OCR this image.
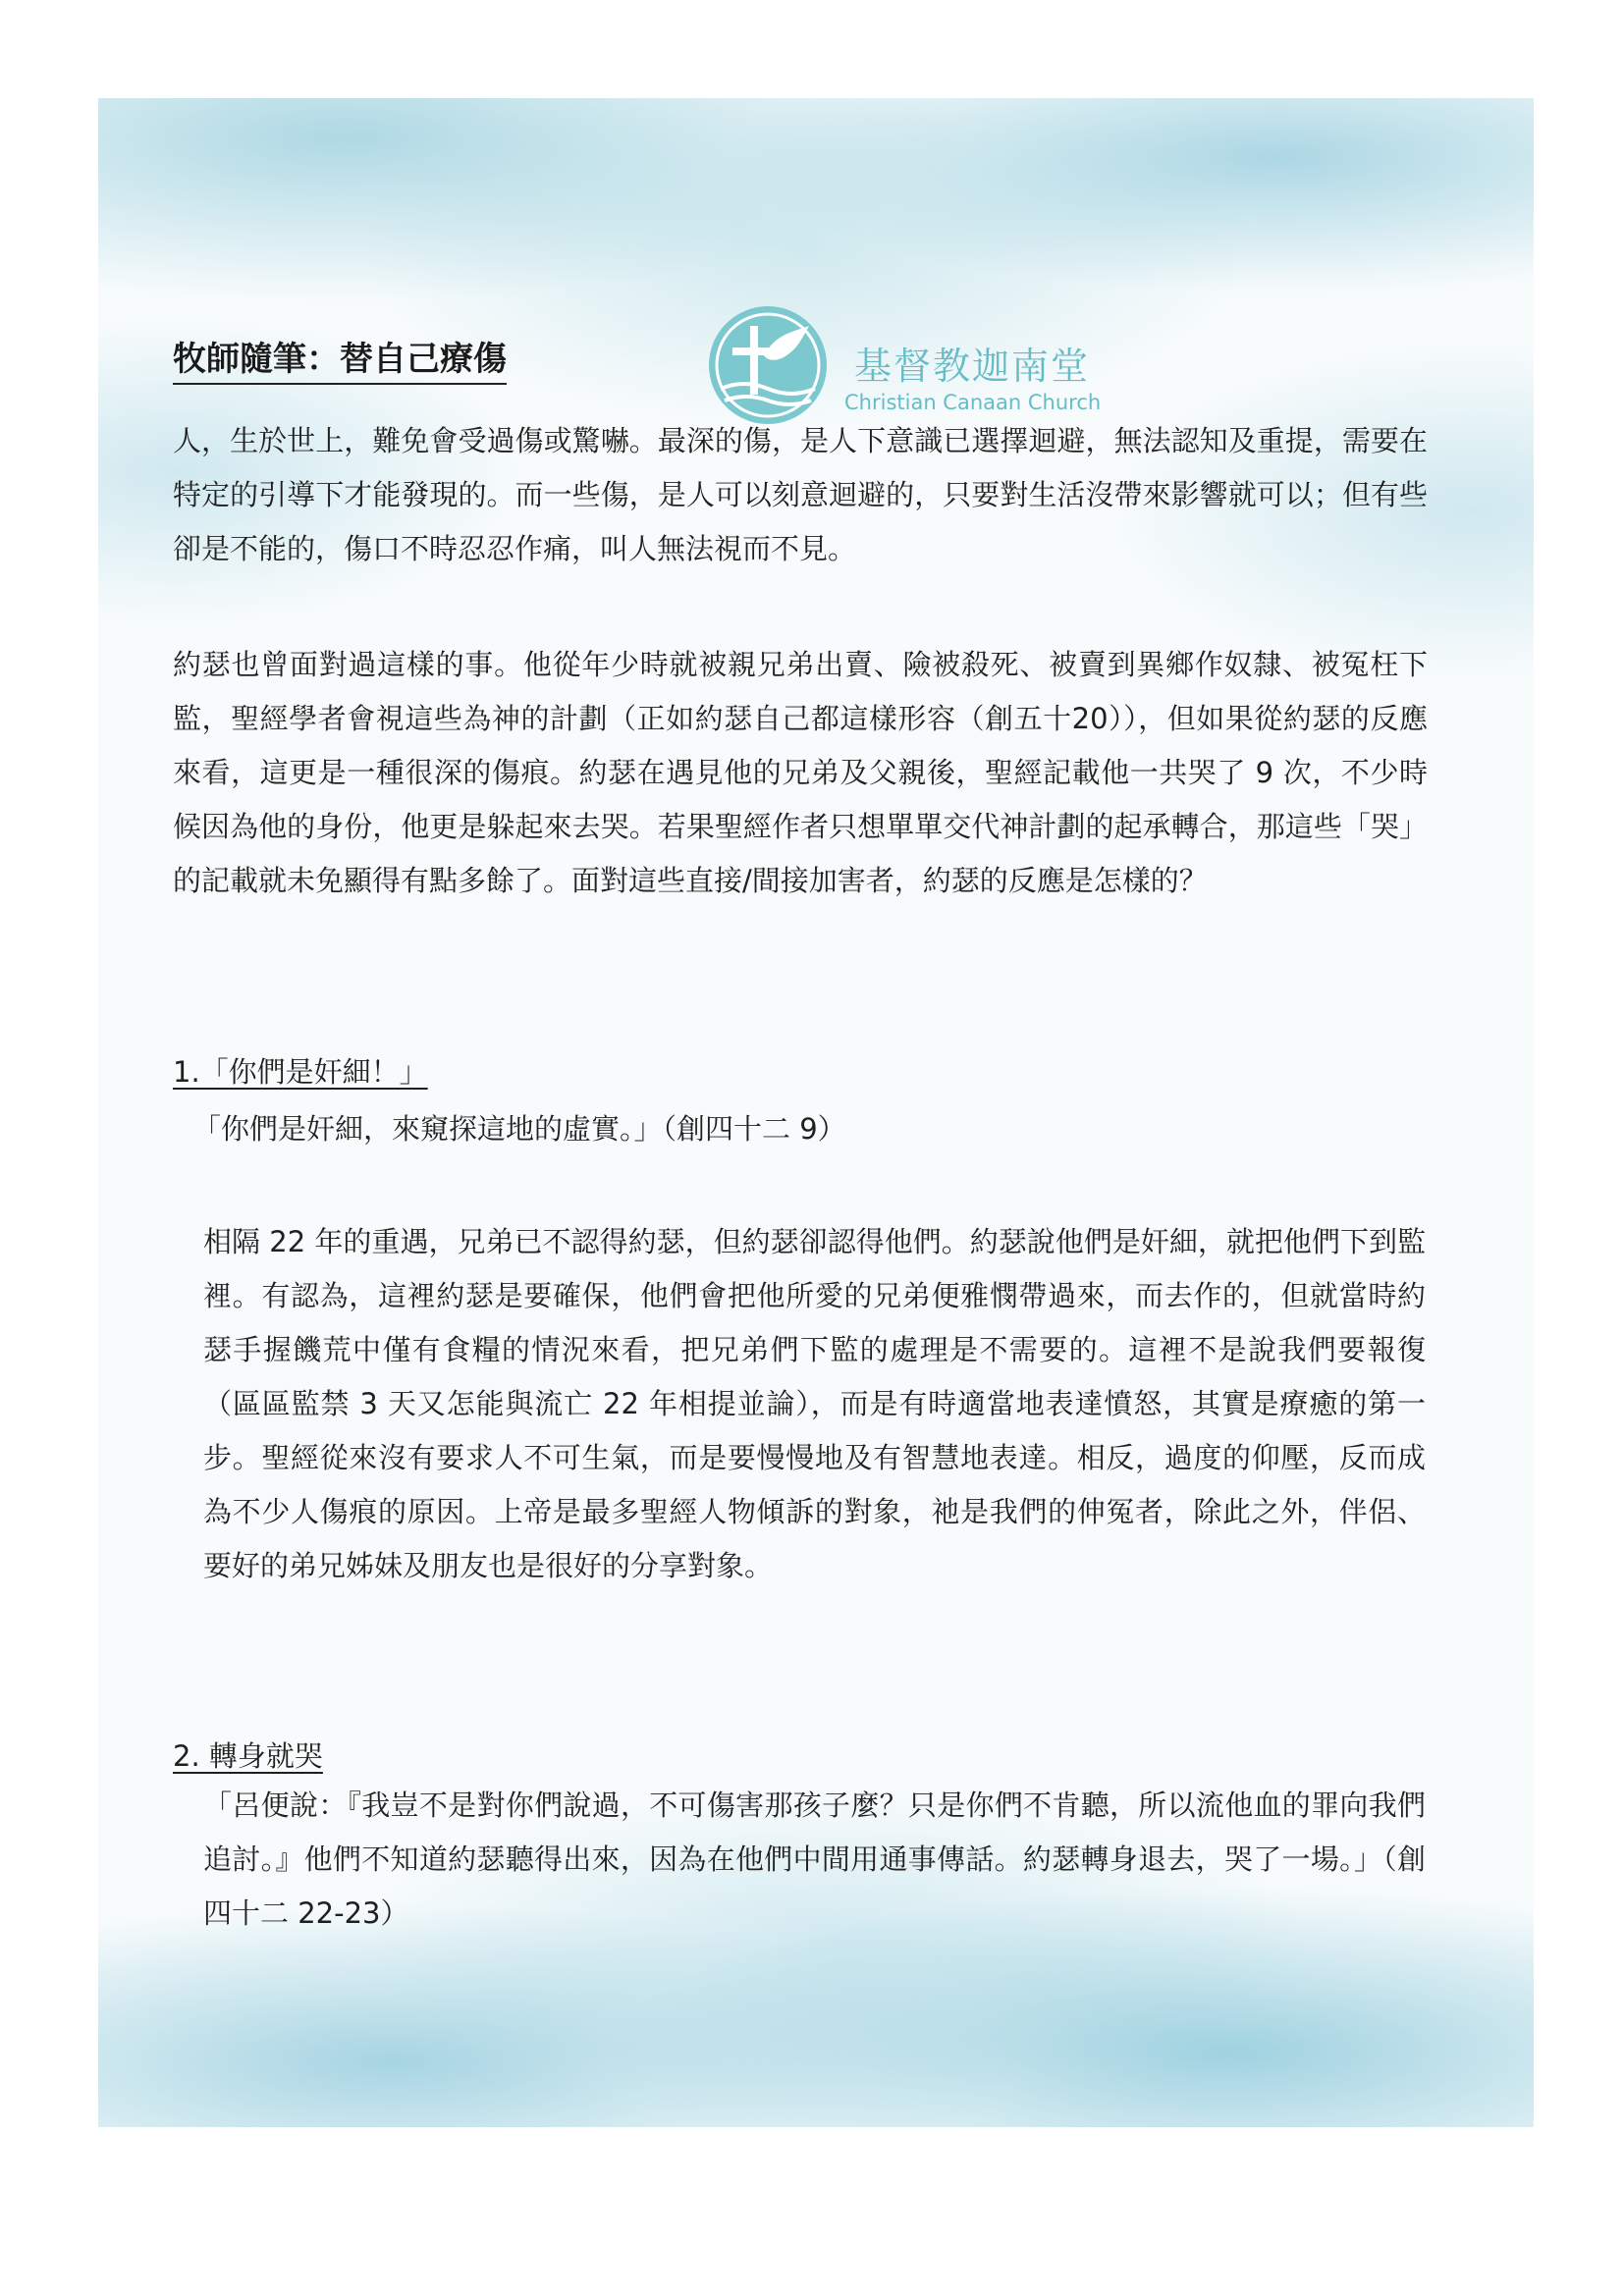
基督教迦南堂
Christian Canaan Church
牧師隨筆：替自己療傷

人，生於世上，難免會受過傷或驚嚇。最深的傷，是人下意識已選擇迴避，無法認知及重提，需要在特定的引導下才能發現的。而一些傷，是人可以刻意迴避的，只要對生活沒帶來影響就可以；但有些卻是不能的，傷口不時忍忍作痛，叫人無法視而不見。

約瑟也曾面對過這樣的事。他從年少時就被親兄弟出賣、險被殺死、被賣到異鄉作奴隸、被冤枉下監，聖經學者會視這些為神的計劃（正如約瑟自己都這樣形容（創五十20）），但如果從約瑟的反應來看，這更是一種很深的傷痕。約瑟在遇見他的兄弟及父親後，聖經記載他一共哭了 9 次，不少時候因為他的身份，他更是躲起來去哭。若果聖經作者只想單單交代神計劃的起承轉合，那這些「哭」的記載就未免顯得有點多餘了。面對這些直接/間接加害者，約瑟的反應是怎樣的？

1.「你們是奸細！」

「你們是奸細，來窺探這地的虛實。」（創四十二 9）

相隔 22 年的重遇，兄弟已不認得約瑟，但約瑟卻認得他們。約瑟說他們是奸細，就把他們下到監裡。有認為，這裡約瑟是要確保，他們會把他所愛的兄弟便雅憫帶過來，而去作的，但就當時約瑟手握饑荒中僅有食糧的情況來看，把兄弟們下監的處理是不需要的。這裡不是說我們要報復（區區監禁 3 天又怎能與流亡 22 年相提並論），而是有時適當地表達憤怒，其實是療癒的第一步。聖經從來沒有要求人不可生氣，而是要慢慢地及有智慧地表達。相反，過度的仰壓，反而成為不少人傷痕的原因。上帝是最多聖經人物傾訴的對象，祂是我們的伸冤者，除此之外，伴侶、要好的弟兄姊妹及朋友也是很好的分享對象。

2. 轉身就哭

「呂便說：『我豈不是對你們說過，不可傷害那孩子麼？只是你們不肯聽，所以流他血的罪向我們追討。』他們不知道約瑟聽得出來，因為在他們中間用通事傳話。約瑟轉身退去，哭了一場。」（創四十二 22-23）
